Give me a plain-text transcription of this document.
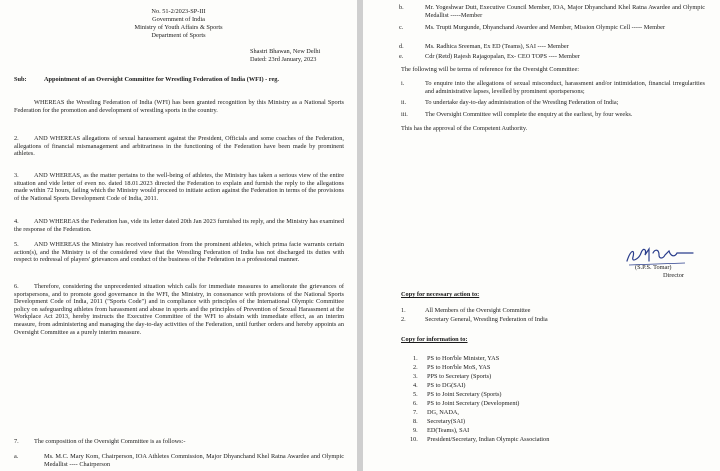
No. 51-2/2023-SP-III
Government of India
Ministry of Youth Affairs & Sports
Department of Sports
Shastri Bhawan, New Delhi
Dated: 23rd January, 2023
Sub:	Appointment of an Oversight Committee for Wrestling Federation of India (WFI) - reg.
WHEREAS the Wrestling Federation of India (WFI) has been granted recognition by this Ministry as a National Sports Federation for the promotion and development of wrestling sports in the country.
2.	AND WHEREAS allegations of sexual harassment against the President, Officials and some coaches of the Federation, allegations of financial mismanagement and arbitrariness in the functioning of the Federation have been made by prominent athletes.
3.	AND WHEREAS, as the matter pertains to the well-being of athletes, the Ministry has taken a serious view of the entire situation and vide letter of even no. dated 18.01.2023 directed the Federation to explain and furnish the reply to the allegations made within 72 hours, failing which the Ministry would proceed to initiate action against the Federation in terms of the provisions of the National Sports Development Code of India, 2011.
4.	AND WHEREAS the Federation has, vide its letter dated 20th Jan 2023 furnished its reply, and the Ministry has examined the response of the Federation.
5.	AND WHEREAS the Ministry has received information from the prominent athletes, which prima facie warrants certain action(s), and the Ministry is of the considered view that the Wrestling Federation of India has not discharged its duties with respect to redressal of players' grievances and conduct of the business of the Federation in a professional manner.
6.	Therefore, considering the unprecedented situation which calls for immediate measures to ameliorate the grievances of sportspersons, and to promote good governance in the WFI, the Ministry, in consonance with provisions of the National Sports Development Code of India, 2011 ("Sports Code") and in compliance with principles of the International Olympic Committee policy on safeguarding athletes from harassment and abuse in sports and the principles of Prevention of Sexual Harassment at the Workplace Act 2013, hereby instructs the Executive Committee of the WFI to abstain with immediate effect, as an interim measure, from administering and managing the day-to-day activities of the Federation, until further orders and hereby appoints an Oversight Committee as a purely interim measure.
7. The composition of the Oversight Committee is as follows:-
a.	Ms. M.C. Mary Kom, Chairperson, IOA Athletes Commission, Major Dhyanchand Khel Ratna Awardee and Olympic Medallist ---- Chairperson
b.	Mr. Yogeshwar Dutt, Executive Council Member, IOA, Major Dhyanchand Khel Ratna Awardee and Olympic Medallist -----Member
c.	Ms. Trupti Murgunde, Dhyanchand Awardee and Member, Mission Olympic Cell ----- Member
d.	Ms. Radhica Sreeman, Ex ED (Teams), SAI ---- Member
e.	Cdr (Retd) Rajesh Rajagopalan, Ex- CEO TOPS ---- Member
The following will be terms of reference for the Oversight Committee:
i.	To enquire into the allegations of sexual misconduct, harassment and/or intimidation, financial irregularities and administrative lapses, levelled by prominent sportspersons;
ii.	To undertake day-to-day administration of the Wrestling Federation of India;
iii.	The Oversight Committee will complete the enquiry at the earliest, by four weeks.
This has the approval of the Competent Authority.
(S.P.S. Tomar)
Director
Copy for necessary action to:
1.	All Members of the Oversight Committee
2.	Secretary General, Wrestling Federation of India
Copy for information to:
1. PS to Hon'ble Minister, YAS
2. PS to Hon'ble MoS, YAS
3. PPS to Secretary (Sports)
4. PS to DG(SAI)
5. PS to Joint Secretary (Sports)
6. PS to Joint Secretary (Development)
7. DG, NADA,
8. Secretary(SAI)
9. ED(Teams), SAI
10. President/Secretary, Indian Olympic Association
